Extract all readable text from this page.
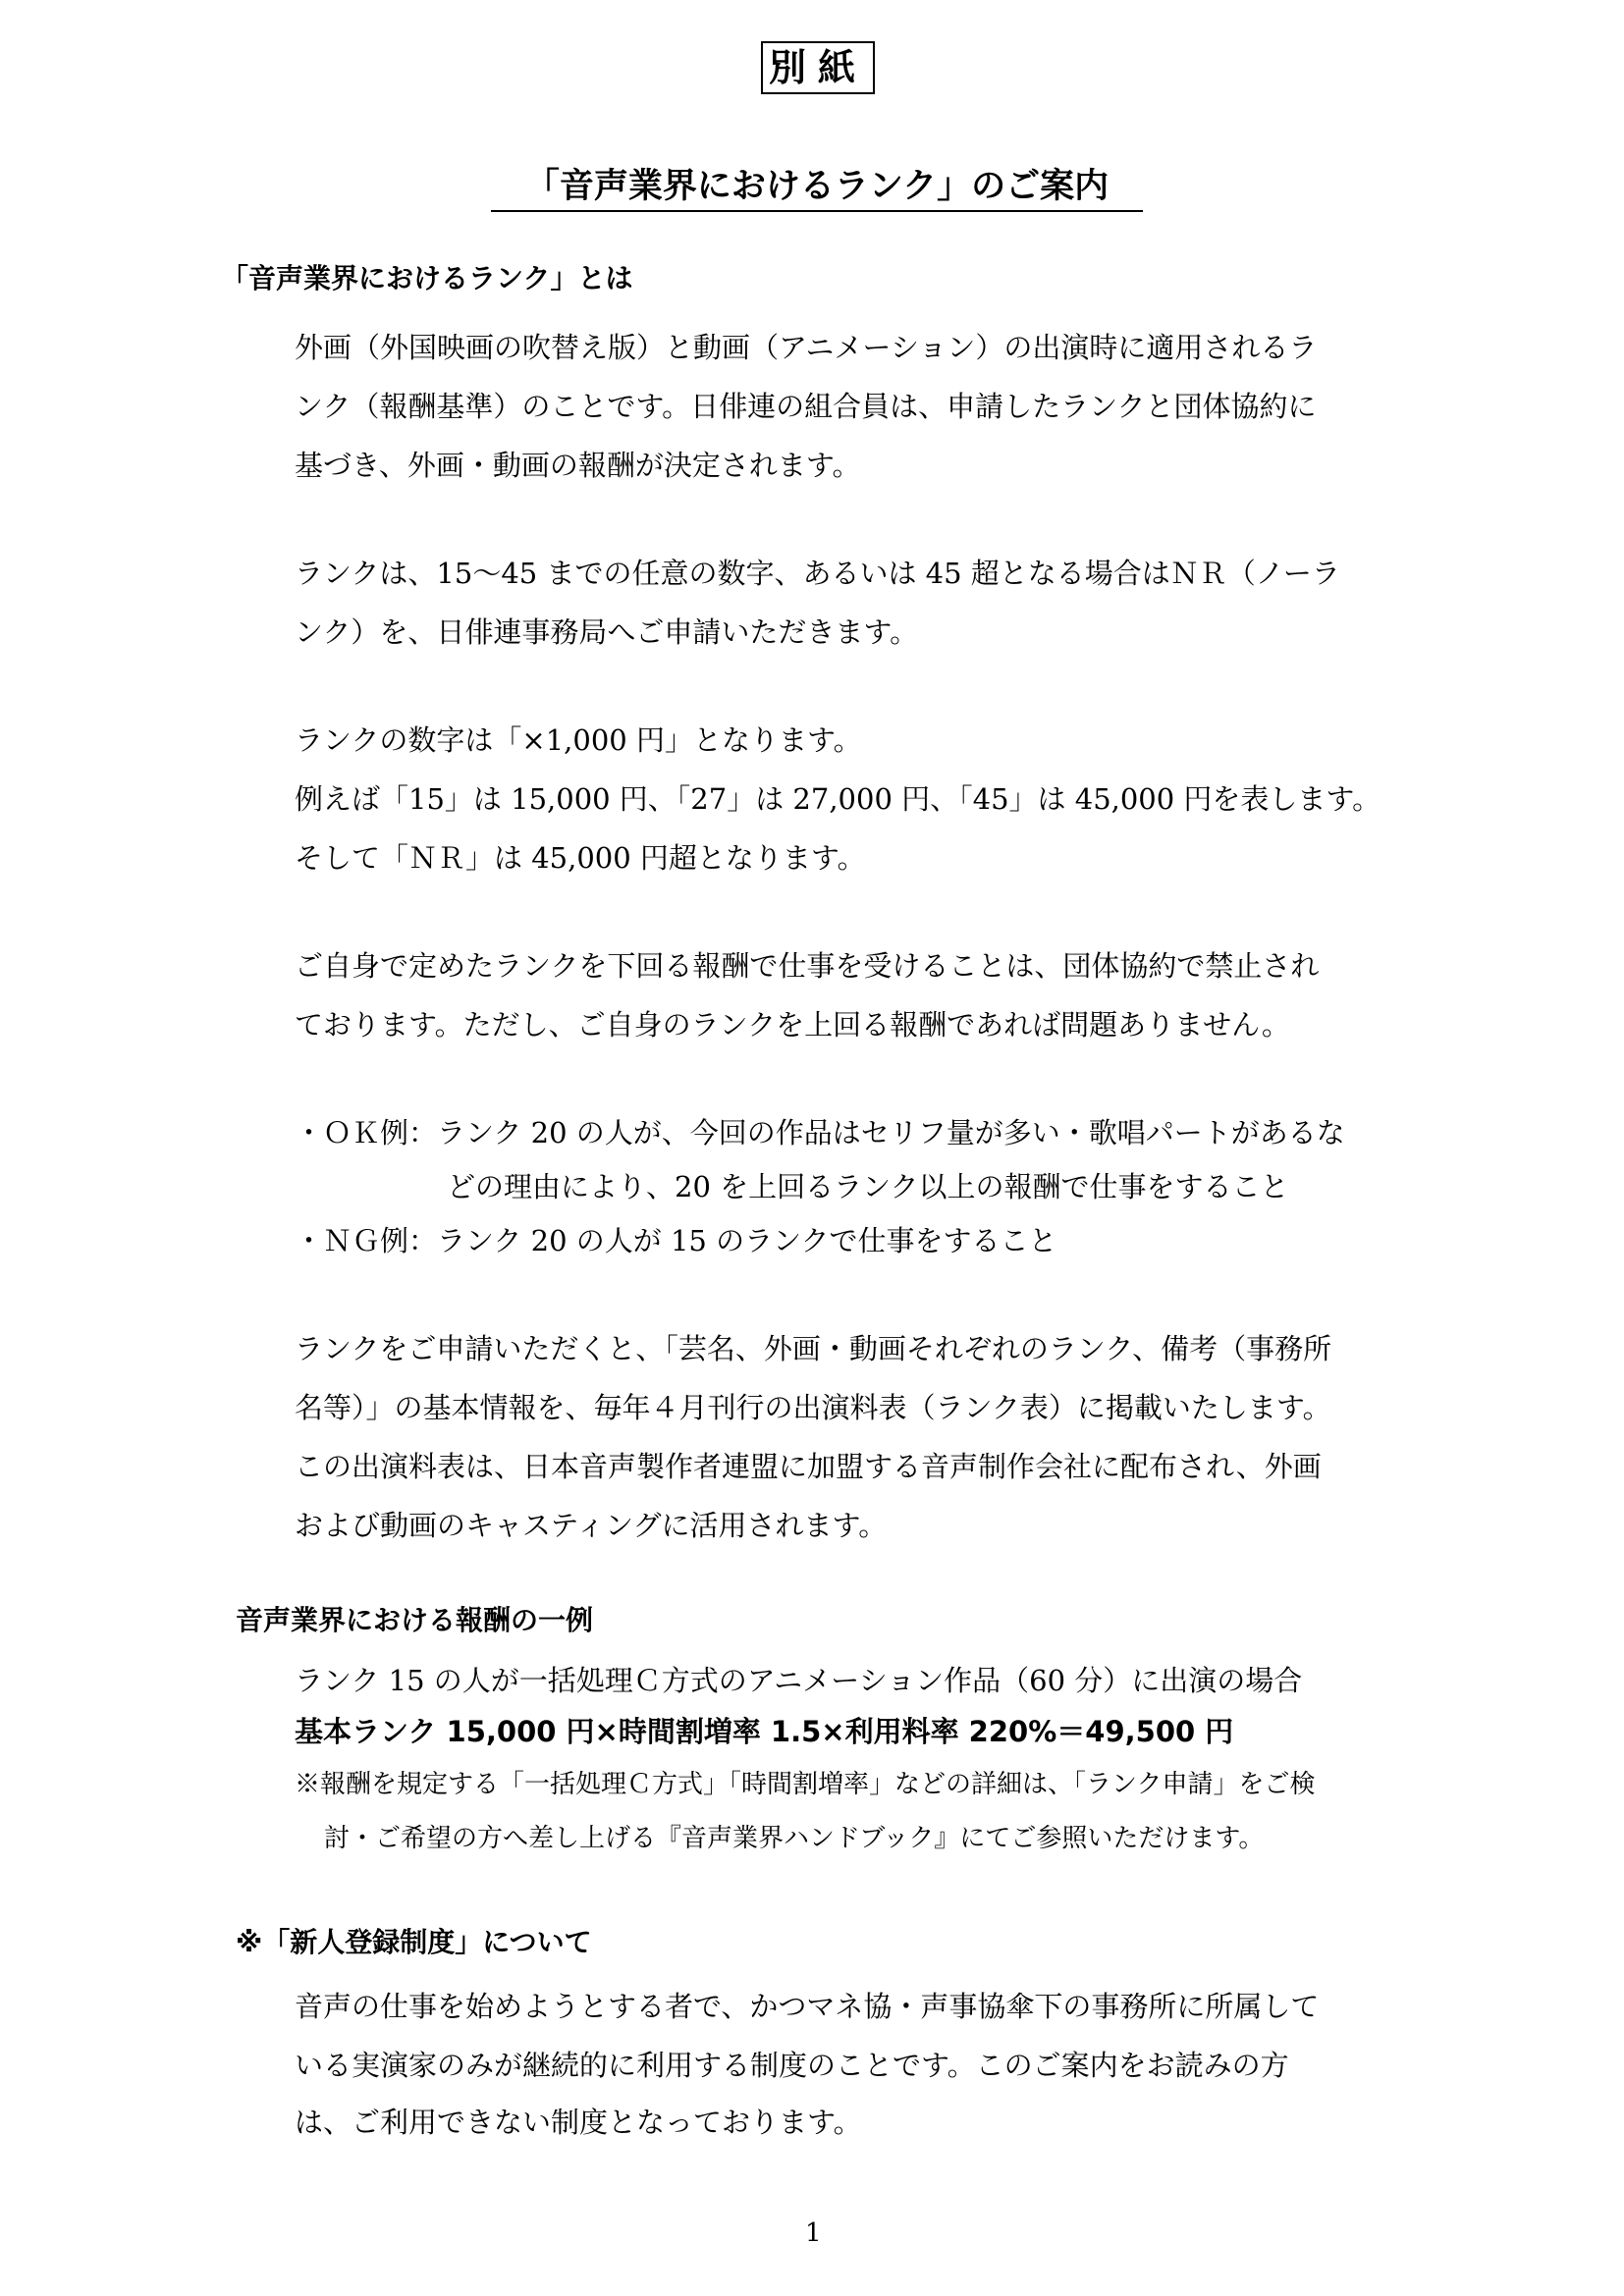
別紙
「音声業界におけるランク」のご案内
「音声業界におけるランク」とは
外画（外国映画の吹替え版）と動画（アニメーション）の出演時に適用されるラ
ンク（報酬基準）のことです。日俳連の組合員は、申請したランクと団体協約に
基づき、外画・動画の報酬が決定されます。
ランクは、15〜45 までの任意の数字、あるいは 45 超となる場合はＮＲ（ノーラ
ンク）を、日俳連事務局へご申請いただきます。
ランクの数字は「×1,000 円」となります。
例えば「15」は 15,000 円、「27」は 27,000 円、「45」は 45,000 円を表します。
そして「ＮＲ」は 45,000 円超となります。
ご自身で定めたランクを下回る報酬で仕事を受けることは、団体協約で禁止され
ております。ただし、ご自身のランクを上回る報酬であれば問題ありません。
・ＯＫ例：ランク 20 の人が、今回の作品はセリフ量が多い・歌唱パートがあるな
どの理由により、20 を上回るランク以上の報酬で仕事をすること
・ＮＧ例：ランク 20 の人が 15 のランクで仕事をすること
ランクをご申請いただくと、「芸名、外画・動画それぞれのランク、備考（事務所
名等）」の基本情報を、毎年４月刊行の出演料表（ランク表）に掲載いたします。
この出演料表は、日本音声製作者連盟に加盟する音声制作会社に配布され、外画
および動画のキャスティングに活用されます。
音声業界における報酬の一例
ランク 15 の人が一括処理Ｃ方式のアニメーション作品（60 分）に出演の場合
基本ランク 15,000 円×時間割増率 1.5×利用料率 220%＝49,500 円
※報酬を規定する「一括処理Ｃ方式」「時間割増率」などの詳細は、「ランク申請」をご検
討・ご希望の方へ差し上げる『音声業界ハンドブック』にてご参照いただけます。
※「新人登録制度」について
音声の仕事を始めようとする者で、かつマネ協・声事協傘下の事務所に所属して
いる実演家のみが継続的に利用する制度のことです。このご案内をお読みの方
は、ご利用できない制度となっております。
1
